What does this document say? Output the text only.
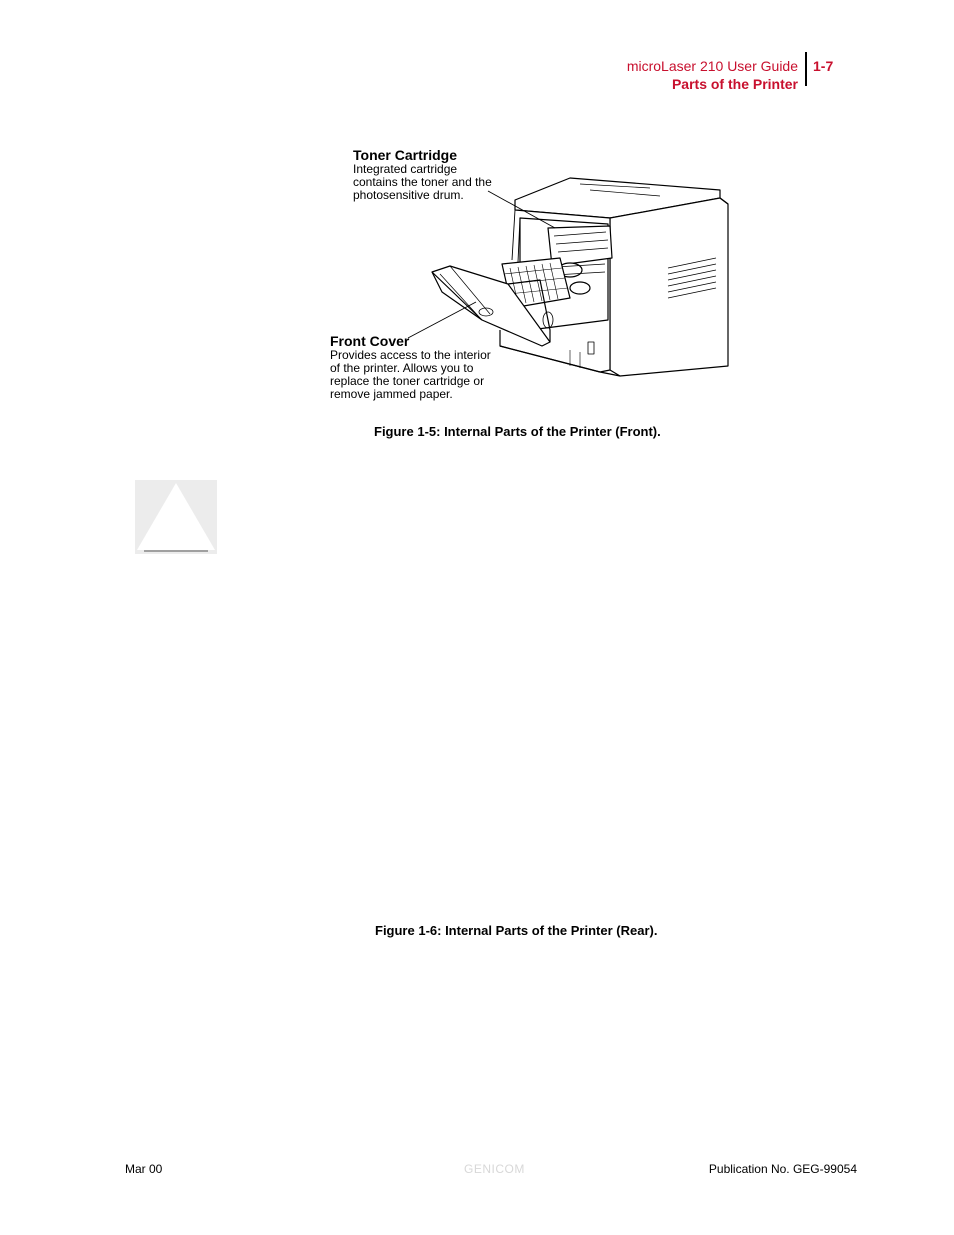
microLaser 210 User Guide
Parts of the Printer
1-7
Toner Cartridge
Integrated cartridge
contains the toner and the
photosensitive drum.
Front Cover
Provides access to the interior
of the printer. Allows you to
replace the toner cartridge or
remove jammed paper.
Figure 1-5: Internal Parts of the Printer (Front).
Figure 1-6: Internal Parts of the Printer (Rear).
Mar 00	GENICOM	Publication No. GEG-99054
